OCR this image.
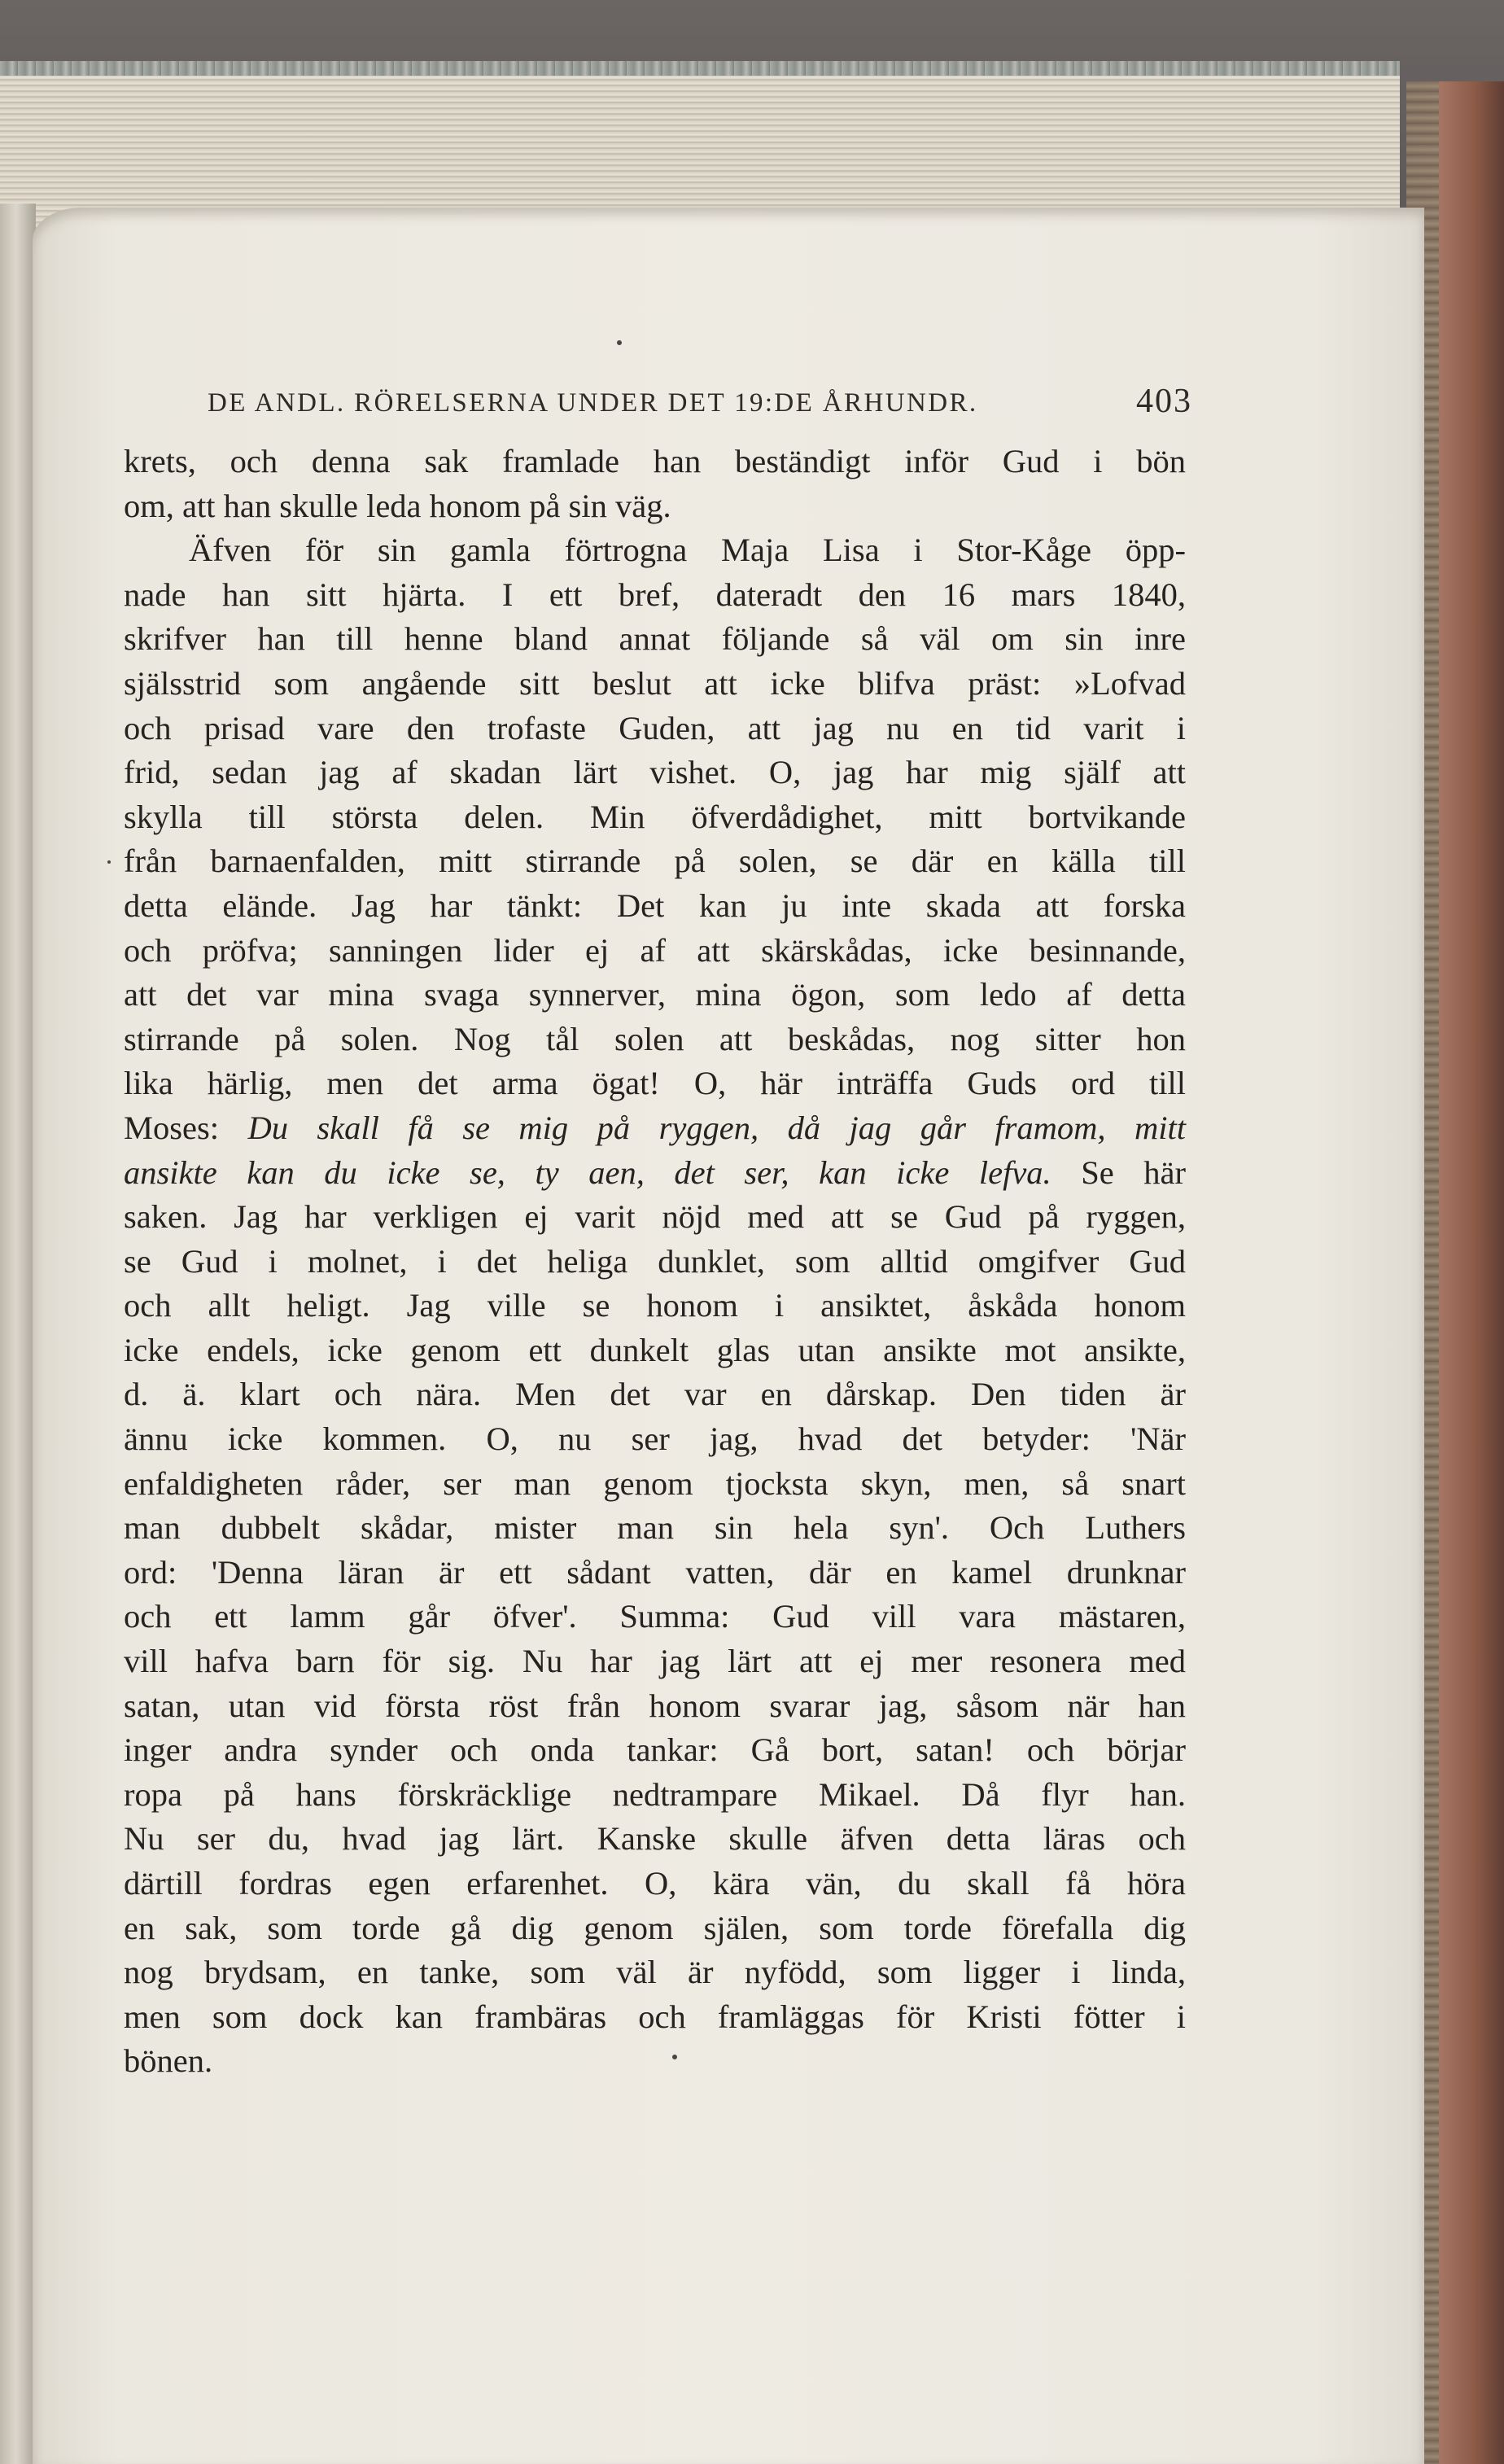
DE ANDL. RÖRELSERNA UNDER DET 19:DE ÅRHUNDR.	403
krets, och denna sak framlade han beständigt inför Gud i bön
om, att han skulle leda honom på sin väg.
Äfven för sin gamla förtrogna Maja Lisa i Stor-Kåge öpp-
nade han sitt hjärta. I ett bref, dateradt den 16 mars 1840,
skrifver han till henne bland annat följande så väl om sin inre
själsstrid som angående sitt beslut att icke blifva präst: »Lofvad
och prisad vare den trofaste Guden, att jag nu en tid varit i
frid, sedan jag af skadan lärt vishet. O, jag har mig själf att
skylla till största delen. Min öfverdådighet, mitt bortvikande
från barnaenfalden, mitt stirrande på solen, se där en källa till
detta elände. Jag har tänkt: Det kan ju inte skada att forska
och pröfva; sanningen lider ej af att skärskådas, icke besinnande,
att det var mina svaga synnerver, mina ögon, som ledo af detta
stirrande på solen. Nog tål solen att beskådas, nog sitter hon
lika härlig, men det arma ögat! O, här inträffa Guds ord till
Moses: Du skall få se mig på ryggen, då jag går framom, mitt
ansikte kan du icke se, ty aen, det ser, kan icke lefva. Se här
saken. Jag har verkligen ej varit nöjd med att se Gud på ryggen,
se Gud i molnet, i det heliga dunklet, som alltid omgifver Gud
och allt heligt. Jag ville se honom i ansiktet, åskåda honom
icke endels, icke genom ett dunkelt glas utan ansikte mot ansikte,
d. ä. klart och nära. Men det var en dårskap. Den tiden är
ännu icke kommen. O, nu ser jag, hvad det betyder: 'När
enfaldigheten råder, ser man genom tjocksta skyn, men, så snart
man dubbelt skådar, mister man sin hela syn'. Och Luthers
ord: 'Denna läran är ett sådant vatten, där en kamel drunknar
och ett lamm går öfver'. Summa: Gud vill vara mästaren,
vill hafva barn för sig. Nu har jag lärt att ej mer resonera med
satan, utan vid första röst från honom svarar jag, såsom när han
inger andra synder och onda tankar: Gå bort, satan! och börjar
ropa på hans förskräcklige nedtrampare Mikael. Då flyr han.
Nu ser du, hvad jag lärt. Kanske skulle äfven detta läras och
därtill fordras egen erfarenhet. O, kära vän, du skall få höra
en sak, som torde gå dig genom själen, som torde förefalla dig
nog brydsam, en tanke, som väl är nyfödd, som ligger i linda,
men som dock kan frambäras och framläggas för Kristi fötter i
bönen.
